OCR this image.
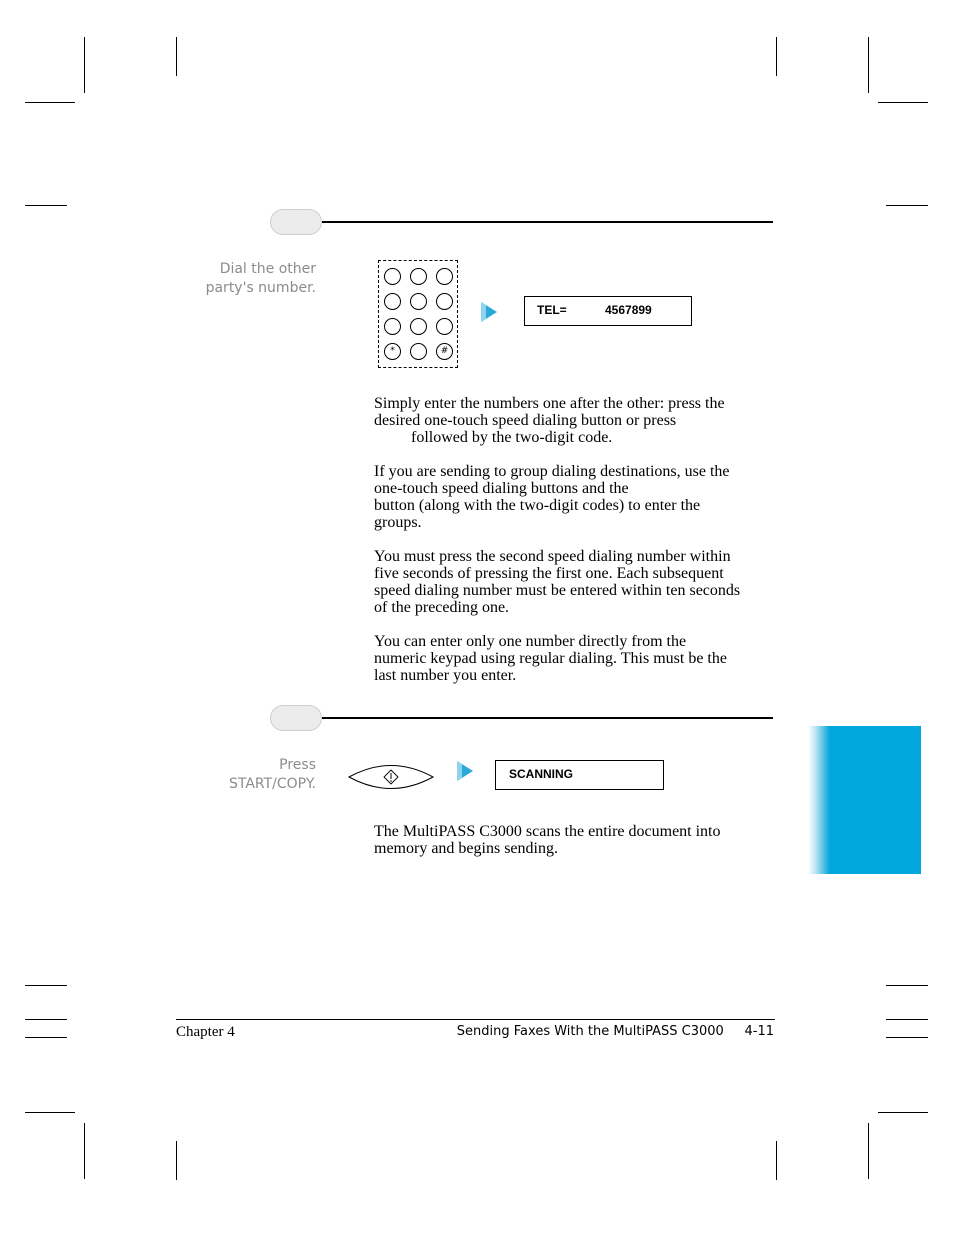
Dial the other
party's number.
*	#
TEL=	4567899

Simply enter the numbers one after the other: press the
desired one-touch speed dialing button or press
followed by the two-digit code.

If you are sending to group dialing destinations, use the
one-touch speed dialing buttons and the
button (along with the two-digit codes) to enter the
groups.

You must press the second speed dialing number within
five seconds of pressing the first one. Each subsequent
speed dialing number must be entered within ten seconds
of the preceding one.

You can enter only one number directly from the
numeric keypad using regular dialing. This must be the
last number you enter.

Press
START/COPY.
SCANNING

The MultiPASS C3000 scans the entire document into
memory and begins sending.

Chapter 4	Sending Faxes With the MultiPASS C3000 4-11
